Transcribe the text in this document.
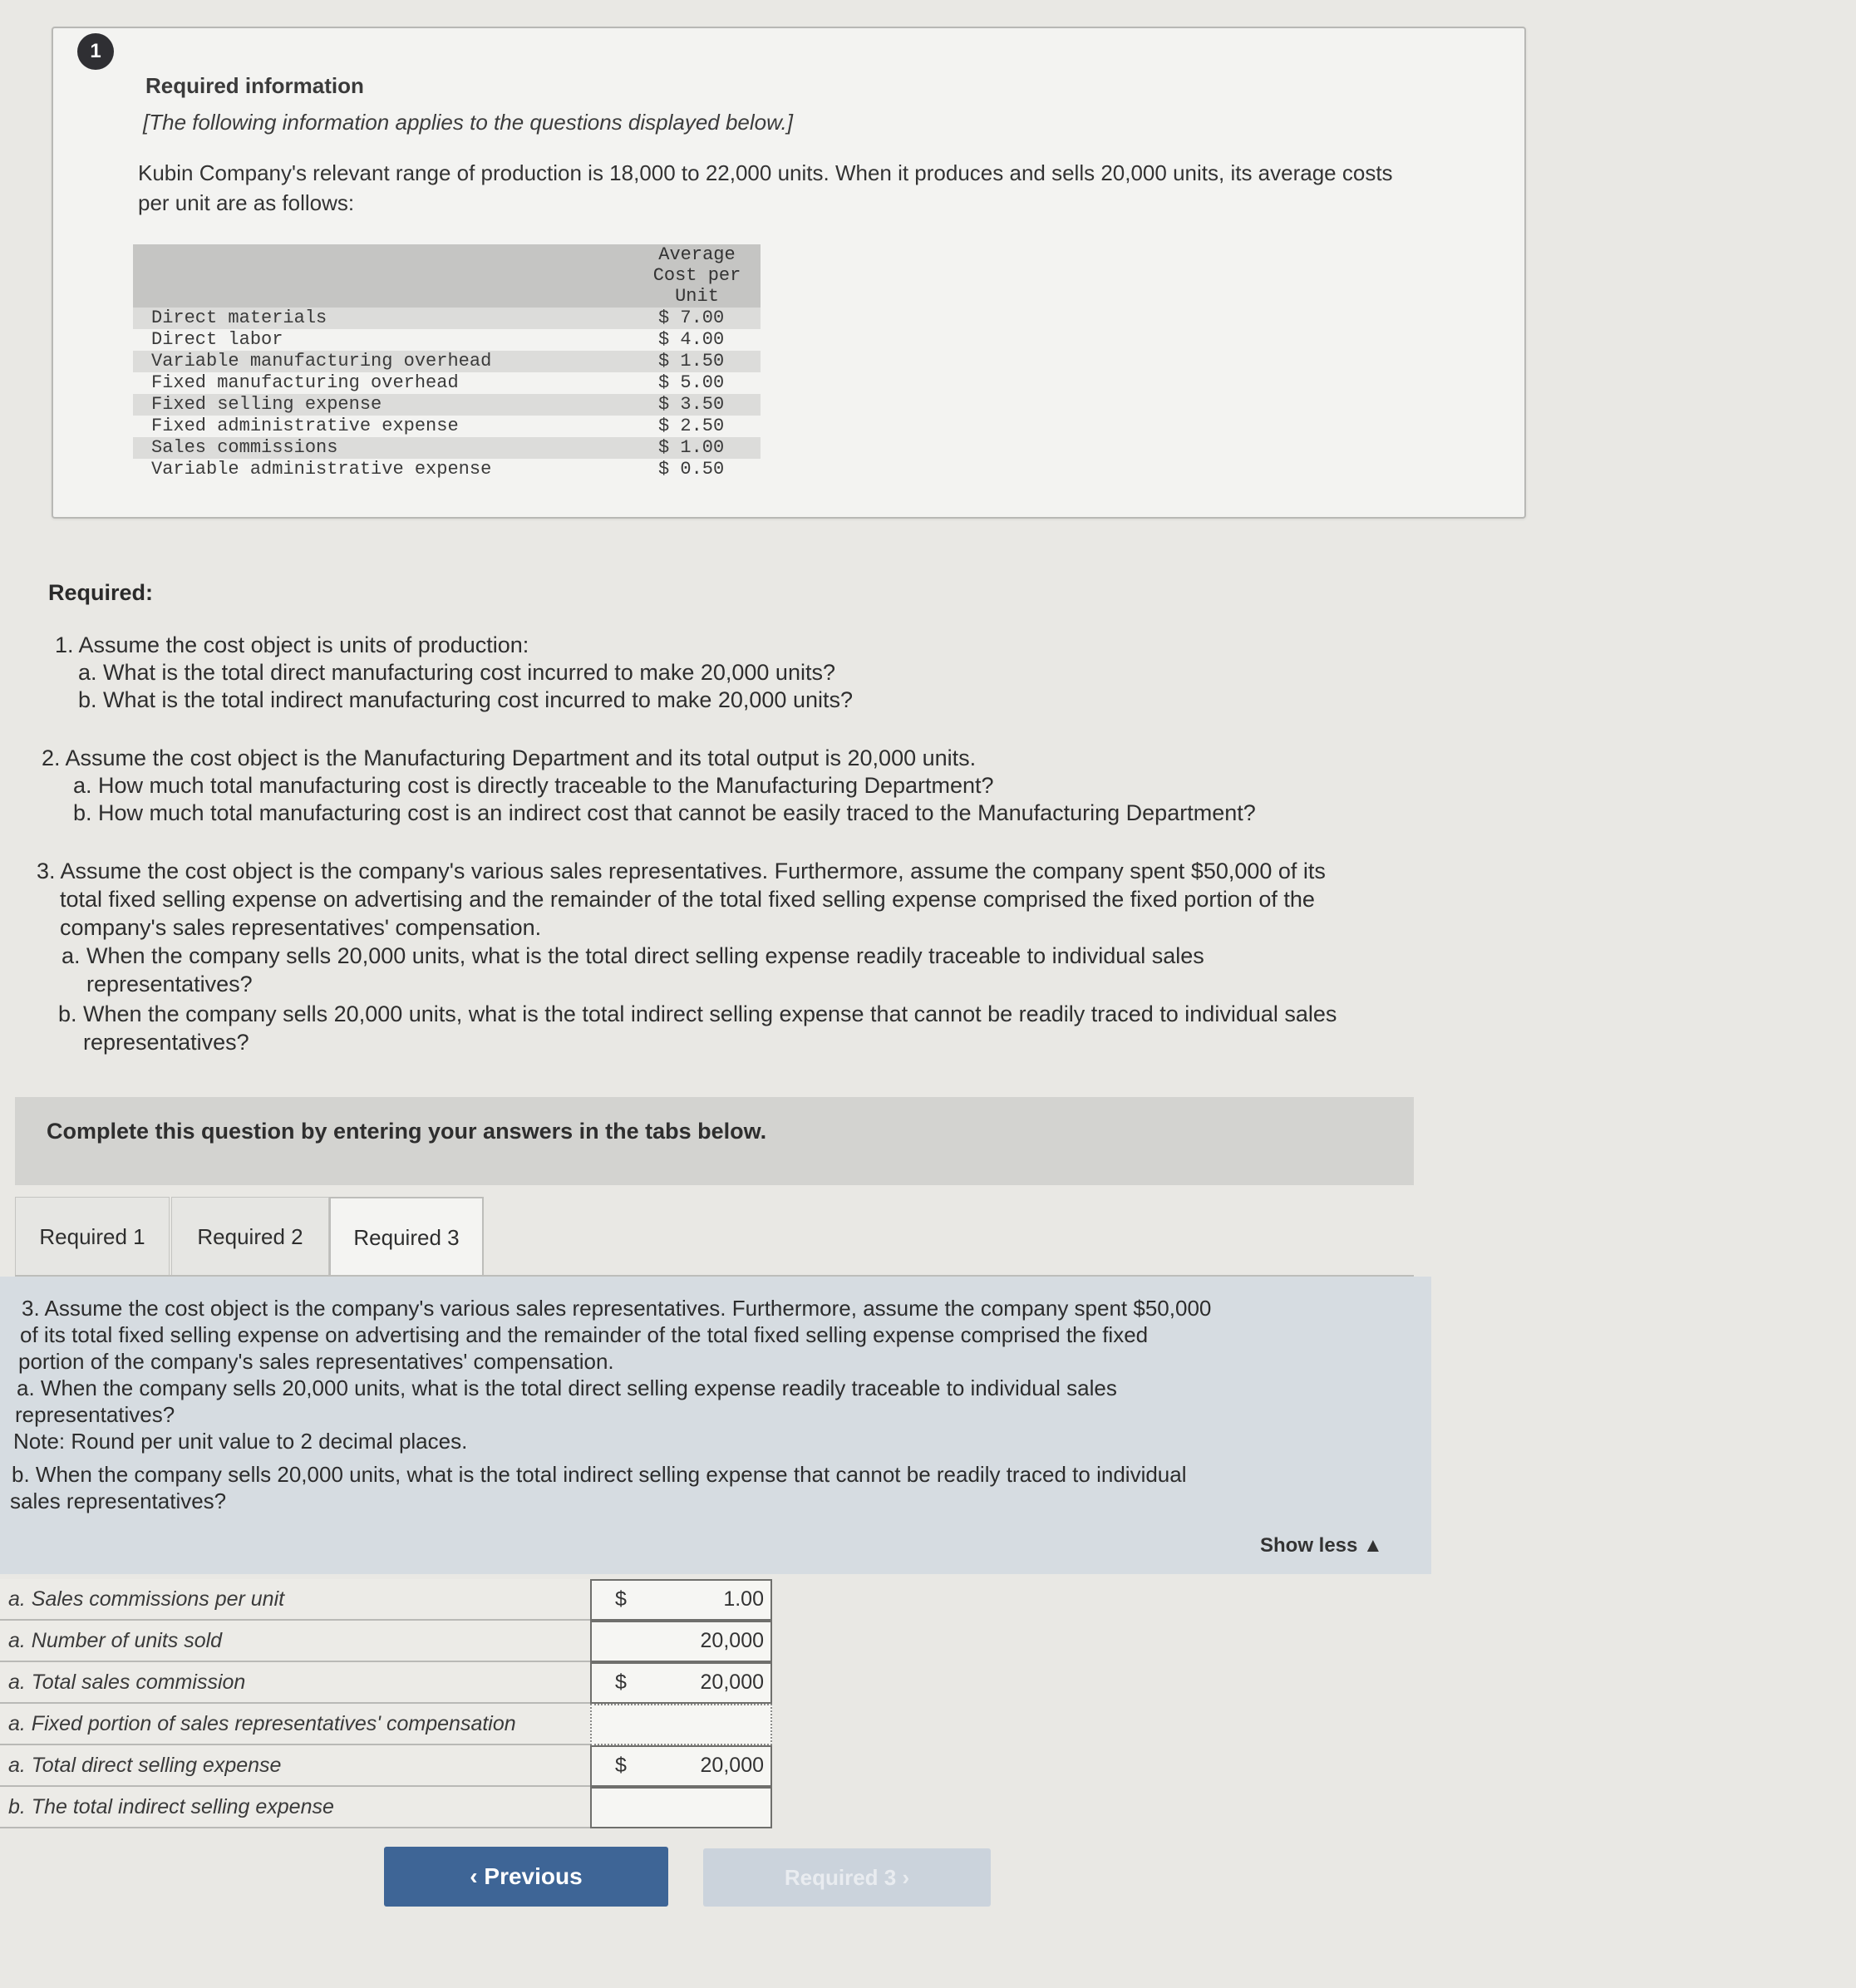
1
Required information
[The following information applies to the questions displayed below.]
Kubin Company's relevant range of production is 18,000 to 22,000 units. When it produces and sells 20,000 units, its average costs per unit are as follows:
Average
Cost per
Unit
Direct materials	$ 7.00
Direct labor	$ 4.00
Variable manufacturing overhead	$ 1.50
Fixed manufacturing overhead	$ 5.00
Fixed selling expense	$ 3.50
Fixed administrative expense	$ 2.50
Sales commissions	$ 1.00
Variable administrative expense	$ 0.50
Required:
1. Assume the cost object is units of production:
a. What is the total direct manufacturing cost incurred to make 20,000 units?
b. What is the total indirect manufacturing cost incurred to make 20,000 units?
2. Assume the cost object is the Manufacturing Department and its total output is 20,000 units.
a. How much total manufacturing cost is directly traceable to the Manufacturing Department?
b. How much total manufacturing cost is an indirect cost that cannot be easily traced to the Manufacturing Department?
3. Assume the cost object is the company's various sales representatives. Furthermore, assume the company spent $50,000 of its
total fixed selling expense on advertising and the remainder of the total fixed selling expense comprised the fixed portion of the
company's sales representatives' compensation.
a. When the company sells 20,000 units, what is the total direct selling expense readily traceable to individual sales
representatives?
b. When the company sells 20,000 units, what is the total indirect selling expense that cannot be readily traced to individual sales
representatives?
Complete this question by entering your answers in the tabs below.
Required 1	Required 2	Required 3
3. Assume the cost object is the company's various sales representatives. Furthermore, assume the company spent $50,000
of its total fixed selling expense on advertising and the remainder of the total fixed selling expense comprised the fixed
portion of the company's sales representatives' compensation.
a. When the company sells 20,000 units, what is the total direct selling expense readily traceable to individual sales
representatives?
Note: Round per unit value to 2 decimal places.
b. When the company sells 20,000 units, what is the total indirect selling expense that cannot be readily traced to individual
sales representatives?
Show less ▲
a. Sales commissions per unit	$	1.00
a. Number of units sold	20,000
a. Total sales commission	$	20,000
a. Fixed portion of sales representatives' compensation
a. Total direct selling expense	$	20,000
b. The total indirect selling expense
‹ Previous	Required 3 ›
